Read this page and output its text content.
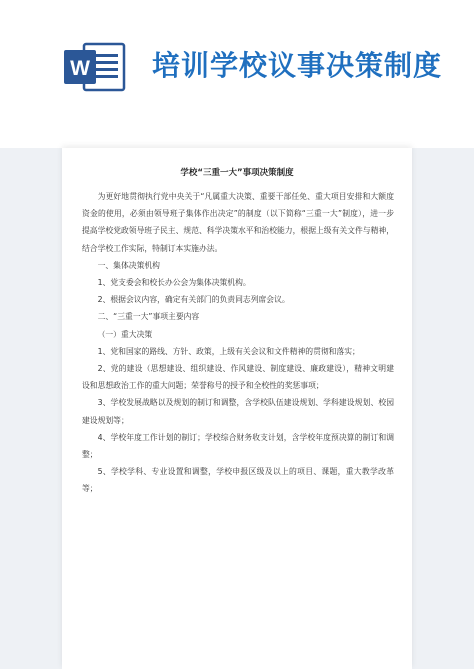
W 培训学校议事决策制度
学校“三重一大”事项决策制度

为更好地贯彻执行党中央关于“凡属重大决策、重要干部任免、重大项目安排和大额度资金的使用，必须由领导班子集体作出决定”的制度（以下简称“三重一大”制度），进一步提高学校党政领导班子民主、规范、科学决策水平和治校能力，根据上级有关文件与精神，结合学校工作实际，特制订本实施办法。

一、集体决策机构

1、党支委会和校长办公会为集体决策机构。

2、根据会议内容，确定有关部门的负责同志列席会议。

二、“三重一大”事项主要内容

（一）重大决策

1、党和国家的路线、方针、政策，上级有关会议和文件精神的贯彻和落实；

2、党的建设（思想建设、组织建设、作风建设、制度建设、廉政建设），精神文明建设和思想政治工作的重大问题；荣誉称号的授予和全校性的奖惩事项；

3、学校发展战略以及规划的制订和调整，含学校队伍建设规划、学科建设规划、校园建设规划等；

4、学校年度工作计划的制订；学校综合财务收支计划，含学校年度预决算的制订和调整；

5、学校学科、专业设置和调整，学校申报区级及以上的项目、课题，重大教学改革等；
